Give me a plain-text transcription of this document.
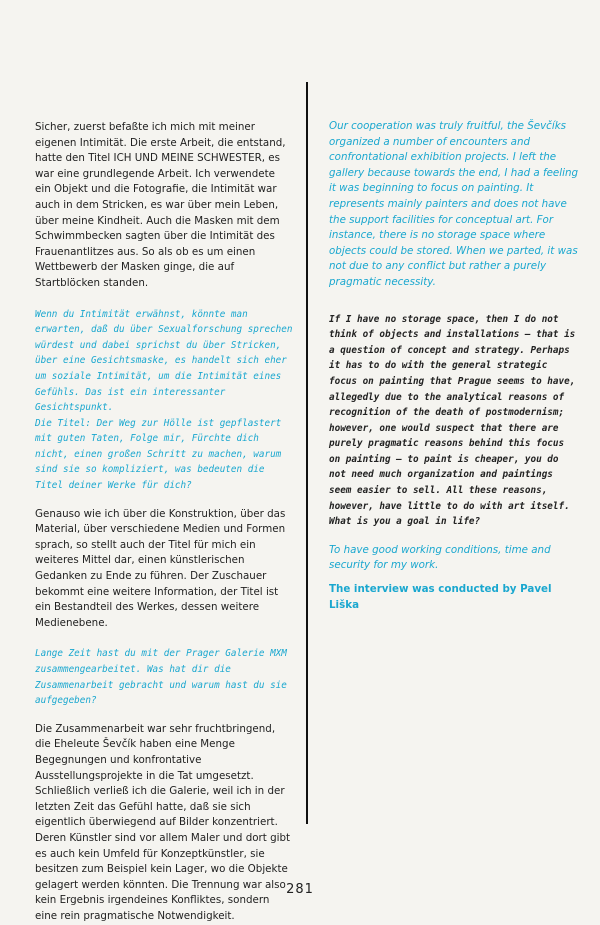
Sicher, zuerst befaßte ich mich mit meiner eigenen Intimität. Die erste Arbeit, die entstand, hatte den Titel ICH UND MEINE SCHWESTER, es war eine grundlegende Arbeit. Ich verwendete ein Objekt und die Fotografie, die Intimität war auch in dem Stricken, es war über mein Leben, über meine Kindheit. Auch die Masken mit dem Schwimmbecken sagten über die Intimität des Frauenantlitzes aus. So als ob es um einen Wettbewerb der Masken ginge, die auf Startblöcken standen.

Wenn du Intimität erwähnst, könnte man erwarten, daß du über Sexualforschung sprechen würdest und dabei sprichst du über Stricken, über eine Gesichtsmaske, es handelt sich eher um soziale Intimität, um die Intimität eines Gefühls. Das ist ein interessanter Gesichtspunkt.

Die Titel: Der Weg zur Hölle ist gepflastert mit guten Taten, Folge mir, Fürchte dich nicht, einen großen Schritt zu machen, warum sind sie so kompliziert, was bedeuten die Titel deiner Werke für dich?

Genauso wie ich über die Konstruktion, über das Material, über verschiedene Medien und Formen sprach, so stellt auch der Titel für mich ein weiteres Mittel dar, einen künstlerischen Gedanken zu Ende zu führen. Der Zuschauer bekommt eine weitere Information, der Titel ist ein Bestandteil des Werkes, dessen weitere Medienebene.

Lange Zeit hast du mit der Prager Galerie MXM zusammengearbeitet. Was hat dir die Zusammenarbeit gebracht und warum hast du sie aufgegeben?

Die Zusammenarbeit war sehr fruchtbringend, die Eheleute Ševčík haben eine Menge Begegnungen und konfrontative Ausstellungsprojekte in die Tat umgesetzt. Schließlich verließ ich die Galerie, weil ich in der letzten Zeit das Gefühl hatte, daß sie sich eigentlich überwiegend auf Bilder konzentriert. Deren Künstler sind vor allem Maler und dort gibt es auch kein Umfeld für Konzeptkünstler, sie besitzen zum Beispiel kein Lager, wo die Objekte gelagert werden könnten. Die Trennung war also kein Ergebnis irgendeines Konfliktes, sondern eine rein pragmatische Notwendigkeit.

Our cooperation was truly fruitful, the Ševčíks organized a number of encounters and confrontational exhibition projects. I left the gallery because towards the end, I had a feeling it was beginning to focus on painting. It represents mainly painters and does not have the support facilities for conceptual art. For instance, there is no storage space where objects could be stored. When we parted, it was not due to any conflict but rather a purely pragmatic necessity.

If I have no storage space, then I do not think of objects and installations – that is a question of concept and strategy. Perhaps it has to do with the general strategic focus on painting that Prague seems to have, allegedly due to the analytical reasons of recognition of the death of postmodernism; however, one would suspect that there are purely pragmatic reasons behind this focus on painting – to paint is cheaper, you do not need much organization and paintings seem easier to sell. All these reasons, however, have little to do with art itself. What is you a goal in life?

To have good working conditions, time and security for my work.

The interview was conducted by Pavel Liška

281
